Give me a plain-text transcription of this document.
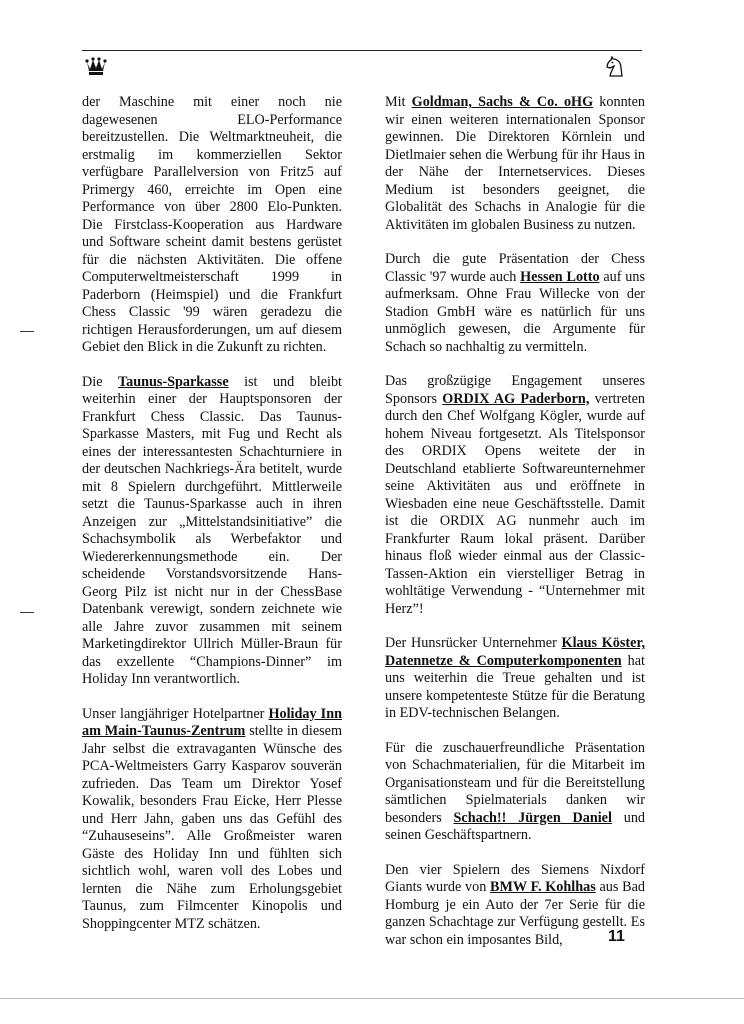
der Maschine mit einer noch nie dagewesenen ELO-Performance bereitzustellen. Die Weltmarktneuheit, die erstmalig im kommerziellen Sektor verfügbare Parallelversion von Fritz5 auf Primergy 460, erreichte im Open eine Performance von über 2800 Elo-Punkten. Die Firstclass-Kooperation aus Hardware und Software scheint damit bestens gerüstet für die nächsten Aktivitäten. Die offene Computerweltmeisterschaft 1999 in Paderborn (Heimspiel) und die Frankfurt Chess Classic '99 wären geradezu die richtigen Herausforderungen, um auf diesem Gebiet den Blick in die Zukunft zu richten.

Die Taunus-Sparkasse ist und bleibt weiterhin einer der Hauptsponsoren der Frankfurt Chess Classic. Das Taunus-Sparkasse Masters, mit Fug und Recht als eines der interessantesten Schachturniere in der deutschen Nachkriegs-Ära betitelt, wurde mit 8 Spielern durchgeführt. Mittlerweile setzt die Taunus-Sparkasse auch in ihren Anzeigen zur „Mittelstandsinitiative” die Schachsymbolik als Werbefaktor und Wiedererkennungsmethode ein. Der scheidende Vorstandsvorsitzende Hans-Georg Pilz ist nicht nur in der ChessBase Datenbank verewigt, sondern zeichnete wie alle Jahre zuvor zusammen mit seinem Marketingdirektor Ullrich Müller-Braun für das exzellente “Champions-Dinner” im Holiday Inn verantwortlich.

Unser langjähriger Hotelpartner Holiday Inn am Main-Taunus-Zentrum stellte in diesem Jahr selbst die extravaganten Wünsche des PCA-Weltmeisters Garry Kasparov souverän zufrieden. Das Team um Direktor Yosef Kowalik, besonders Frau Eicke, Herr Plesse und Herr Jahn, gaben uns das Gefühl des “Zuhauseseins”. Alle Großmeister waren Gäste des Holiday Inn und fühlten sich sichtlich wohl, waren voll des Lobes und lernten die Nähe zum Erholungsgebiet Taunus, zum Filmcenter Kinopolis und Shoppingcenter MTZ schätzen.

Mit Goldman, Sachs & Co. oHG konnten wir einen weiteren internationalen Sponsor gewinnen. Die Direktoren Körnlein und Dietlmaier sehen die Werbung für ihr Haus in der Nähe der Internetservices. Dieses Medium ist besonders geeignet, die Globalität des Schachs in Analogie für die Aktivitäten im globalen Business zu nutzen.

Durch die gute Präsentation der Chess Classic '97 wurde auch Hessen Lotto auf uns aufmerksam. Ohne Frau Willecke von der Stadion GmbH wäre es natürlich für uns unmöglich gewesen, die Argumente für Schach so nachhaltig zu vermitteln.

Das großzügige Engagement unseres Sponsors ORDIX AG Paderborn, vertreten durch den Chef Wolfgang Kögler, wurde auf hohem Niveau fortgesetzt. Als Titelsponsor des ORDIX Opens weitete der in Deutschland etablierte Softwareunternehmer seine Aktivitäten aus und eröffnete in Wiesbaden eine neue Geschäftsstelle. Damit ist die ORDIX AG nunmehr auch im Frankfurter Raum lokal präsent. Darüber hinaus floß wieder einmal aus der Classic-Tassen-Aktion ein vierstelliger Betrag in wohltätige Verwendung - “Unternehmer mit Herz”!

Der Hunsrücker Unternehmer Klaus Köster, Datennetze & Computerkomponenten hat uns weiterhin die Treue gehalten und ist unsere kompetenteste Stütze für die Beratung in EDV-technischen Belangen.

Für die zuschauerfreundliche Präsentation von Schachmaterialien, für die Mitarbeit im Organisationsteam und für die Bereitstellung sämtlichen Spielmaterials danken wir besonders Schach!! Jürgen Daniel und seinen Geschäftspartnern.

Den vier Spielern des Siemens Nixdorf Giants wurde von BMW F. Kohlhas aus Bad Homburg je ein Auto der 7er Serie für die ganzen Schachtage zur Verfügung gestellt. Es war schon ein imposantes Bild,	11
